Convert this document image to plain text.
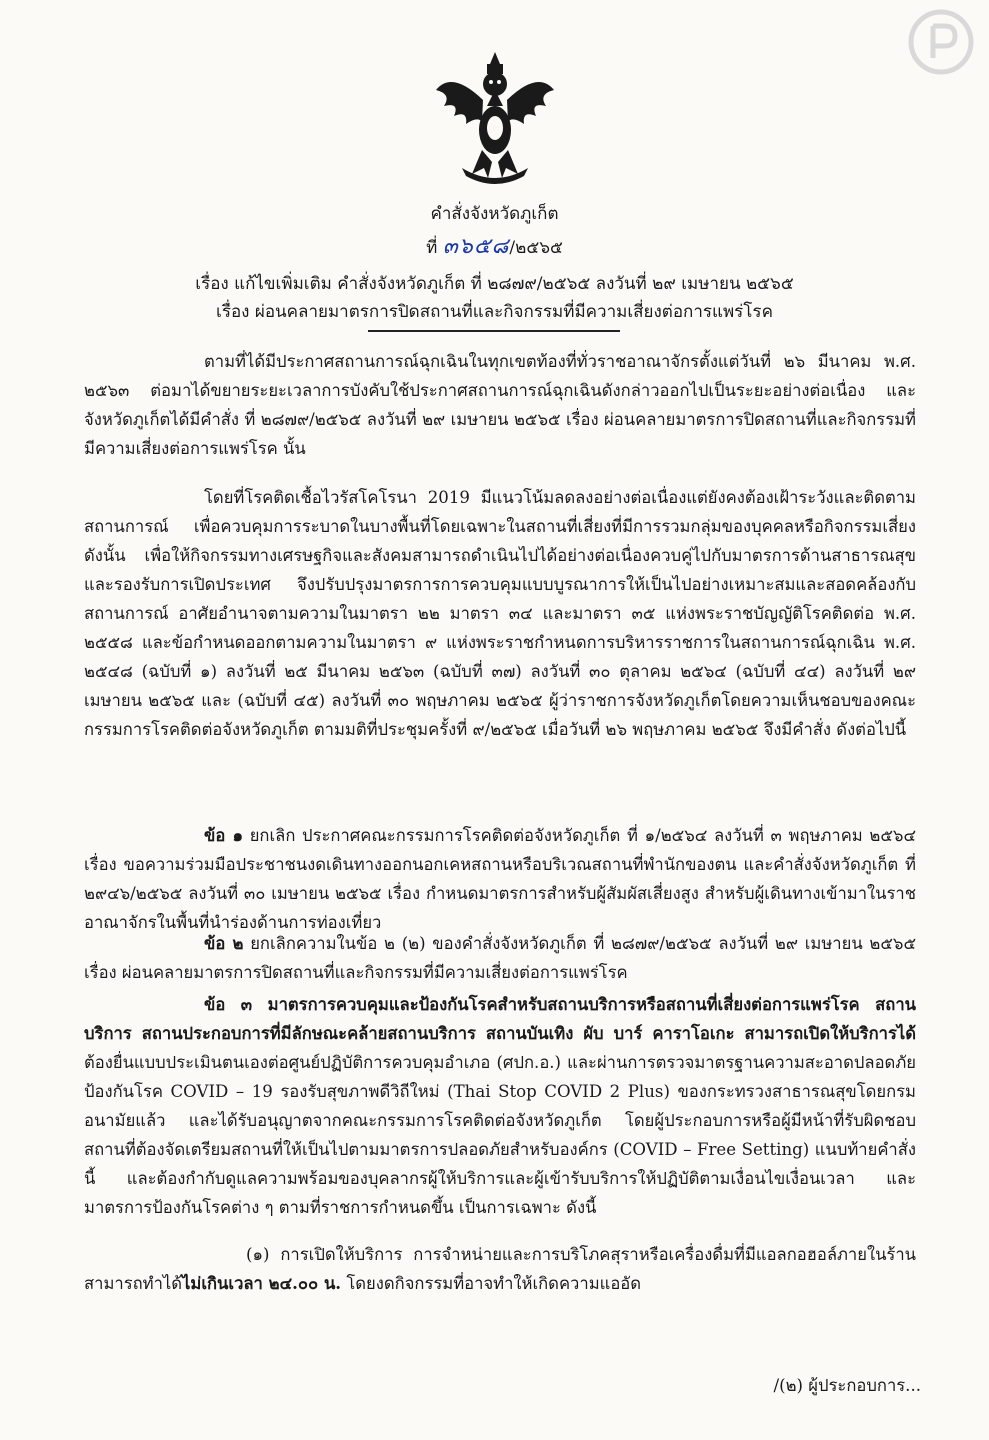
คำสั่งจังหวัดภูเก็ต
ที่ ๓๖๕๘/๒๕๖๕
เรื่อง แก้ไขเพิ่มเติม คำสั่งจังหวัดภูเก็ต ที่ ๒๘๗๙/๒๕๖๕ ลงวันที่ ๒๙ เมษายน ๒๕๖๕
เรื่อง ผ่อนคลายมาตรการปิดสถานที่และกิจกรรมที่มีความเสี่ยงต่อการแพร่โรค
ตามที่ได้มีประกาศสถานการณ์ฉุกเฉินในทุกเขตท้องที่ทั่วราชอาณาจักรตั้งแต่วันที่ ๒๖ มีนาคม พ.ศ. ๒๕๖๓ ต่อมาได้ขยายระยะเวลาการบังคับใช้ประกาศสถานการณ์ฉุกเฉินดังกล่าวออกไปเป็นระยะอย่างต่อเนื่อง และจังหวัดภูเก็ตได้มีคำสั่ง ที่ ๒๘๗๙/๒๕๖๕ ลงวันที่ ๒๙ เมษายน ๒๕๖๕ เรื่อง ผ่อนคลายมาตรการปิดสถานที่และกิจกรรมที่มีความเสี่ยงต่อการแพร่โรค นั้น
โดยที่โรคติดเชื้อไวรัสโคโรนา 2019 มีแนวโน้มลดลงอย่างต่อเนื่องแต่ยังคงต้องเฝ้าระวังและติดตามสถานการณ์ เพื่อควบคุมการระบาดในบางพื้นที่โดยเฉพาะในสถานที่เสี่ยงที่มีการรวมกลุ่มของบุคคลหรือกิจกรรมเสี่ยง ดังนั้น เพื่อให้กิจกรรมทางเศรษฐกิจและสังคมสามารถดำเนินไปได้อย่างต่อเนื่องควบคู่ไปกับมาตรการด้านสาธารณสุขและรองรับการเปิดประเทศ จึงปรับปรุงมาตรการการควบคุมแบบบูรณาการให้เป็นไปอย่างเหมาะสมและสอดคล้องกับสถานการณ์ อาศัยอำนาจตามความในมาตรา ๒๒ มาตรา ๓๔ และมาตรา ๓๕ แห่งพระราชบัญญัติโรคติดต่อ พ.ศ. ๒๕๕๘ และข้อกำหนดออกตามความในมาตรา ๙ แห่งพระราชกำหนดการบริหารราชการในสถานการณ์ฉุกเฉิน พ.ศ. ๒๕๔๘ (ฉบับที่ ๑) ลงวันที่ ๒๕ มีนาคม ๒๕๖๓ (ฉบับที่ ๓๗) ลงวันที่ ๓๐ ตุลาคม ๒๕๖๔ (ฉบับที่ ๔๔) ลงวันที่ ๒๙ เมษายน ๒๕๖๕ และ (ฉบับที่ ๔๕) ลงวันที่ ๓๐ พฤษภาคม ๒๕๖๕ ผู้ว่าราชการจังหวัดภูเก็ตโดยความเห็นชอบของคณะกรรมการโรคติดต่อจังหวัดภูเก็ต ตามมติที่ประชุมครั้งที่ ๙/๒๕๖๕ เมื่อวันที่ ๒๖ พฤษภาคม ๒๕๖๕ จึงมีคำสั่ง ดังต่อไปนี้
ข้อ ๑ ยกเลิก ประกาศคณะกรรมการโรคติดต่อจังหวัดภูเก็ต ที่ ๑/๒๕๖๔ ลงวันที่ ๓ พฤษภาคม ๒๕๖๔ เรื่อง ขอความร่วมมือประชาชนงดเดินทางออกนอกเคหสถานหรือบริเวณสถานที่พำนักของตน และคำสั่งจังหวัดภูเก็ต ที่ ๒๙๔๖/๒๕๖๕ ลงวันที่ ๓๐ เมษายน ๒๕๖๕ เรื่อง กำหนดมาตรการสำหรับผู้สัมผัสเสี่ยงสูง สำหรับผู้เดินทางเข้ามาในราชอาณาจักรในพื้นที่นำร่องด้านการท่องเที่ยว
ข้อ ๒ ยกเลิกความในข้อ ๒ (๒) ของคำสั่งจังหวัดภูเก็ต ที่ ๒๘๗๙/๒๕๖๕ ลงวันที่ ๒๙ เมษายน ๒๕๖๕ เรื่อง ผ่อนคลายมาตรการปิดสถานที่และกิจกรรมที่มีความเสี่ยงต่อการแพร่โรค
ข้อ ๓ มาตรการควบคุมและป้องกันโรคสำหรับสถานบริการหรือสถานที่เสี่ยงต่อการแพร่โรค สถานบริการ สถานประกอบการที่มีลักษณะคล้ายสถานบริการ สถานบันเทิง ผับ บาร์ คาราโอเกะ สามารถเปิดให้บริการได้ ต้องยื่นแบบประเมินตนเองต่อศูนย์ปฏิบัติการควบคุมอำเภอ (ศปก.อ.) และผ่านการตรวจมาตรฐานความสะอาดปลอดภัยป้องกันโรค COVID – 19 รองรับสุขภาพดีวิถีใหม่ (Thai Stop COVID 2 Plus) ของกระทรวงสาธารณสุขโดยกรมอนามัยแล้ว และได้รับอนุญาตจากคณะกรรมการโรคติดต่อจังหวัดภูเก็ต โดยผู้ประกอบการหรือผู้มีหน้าที่รับผิดชอบสถานที่ต้องจัดเตรียมสถานที่ให้เป็นไปตามมาตรการปลอดภัยสำหรับองค์กร (COVID – Free Setting) แนบท้ายคำสั่งนี้ และต้องกำกับดูแลความพร้อมของบุคลากรผู้ให้บริการและผู้เข้ารับบริการให้ปฏิบัติตามเงื่อนไขเงื่อนเวลา และมาตรการป้องกันโรคต่าง ๆ ตามที่ราชการกำหนดขึ้น เป็นการเฉพาะ ดังนี้
(๑) การเปิดให้บริการ การจำหน่ายและการบริโภคสุราหรือเครื่องดื่มที่มีแอลกอฮอล์ภายในร้าน สามารถทำได้ไม่เกินเวลา ๒๔.๐๐ น. โดยงดกิจกรรมที่อาจทำให้เกิดความแออัด
/(๒) ผู้ประกอบการ...
